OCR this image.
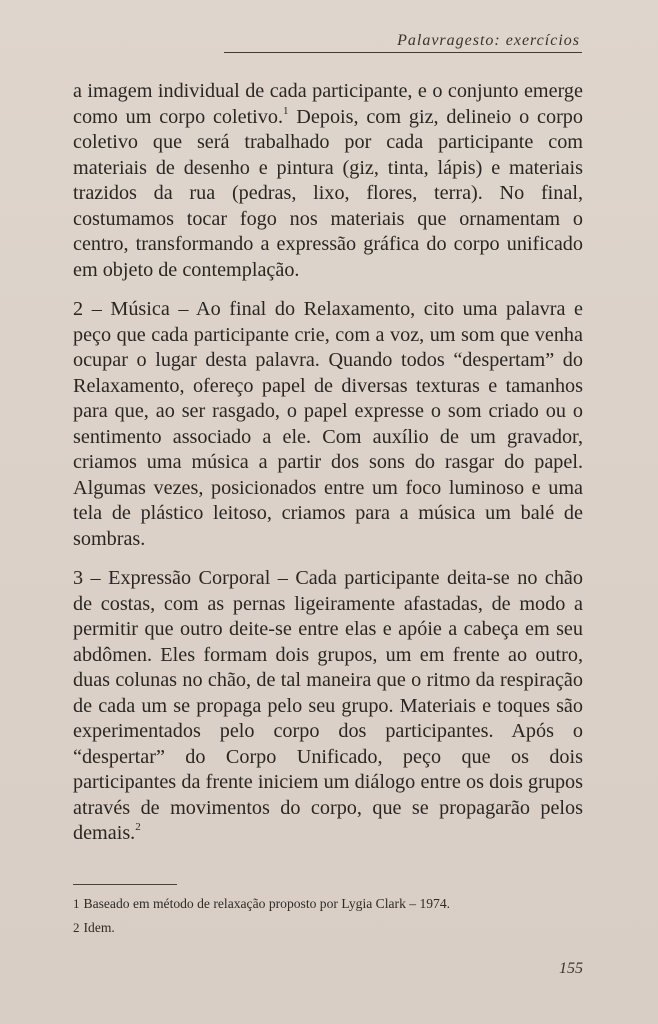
Palavragesto: exercícios

a imagem individual de cada participante, e o conjunto emerge como um corpo coletivo.$^1$ Depois, com giz, delineio o corpo coletivo que será trabalhado por cada participante com materiais de desenho e pintura (giz, tinta, lápis) e materiais trazidos da rua (pedras, lixo, flores, terra). No final, costumamos tocar fogo nos materiais que ornamentam o centro, transformando a expressão gráfica do corpo unificado em objeto de contemplação.

2 – Música – Ao final do Relaxamento, cito uma palavra e peço que cada participante crie, com a voz, um som que venha ocupar o lugar desta palavra. Quando todos “despertam” do Relaxamento, ofereço papel de diversas texturas e tamanhos para que, ao ser rasgado, o papel expresse o som criado ou o sentimento associado a ele. Com auxílio de um gravador, criamos uma música a partir dos sons do rasgar do papel. Algumas vezes, posicionados entre um foco luminoso e uma tela de plástico leitoso, criamos para a música um balé de sombras.

3 – Expressão Corporal – Cada participante deita-se no chão de costas, com as pernas ligeiramente afastadas, de modo a permitir que outro deite-se entre elas e apóie a cabeça em seu abdômen. Eles formam dois grupos, um em frente ao outro, duas colunas no chão, de tal maneira que o ritmo da respiração de cada um se propaga pelo seu grupo. Materiais e toques são experimentados pelo corpo dos participantes. Após o “despertar” do Corpo Unificado, peço que os dois participantes da frente iniciem um diálogo entre os dois grupos através de movimentos do corpo, que se propagarão pelos demais.$^2$

1 Baseado em método de relaxação proposto por Lygia Clark – 1974.

2 Idem.

155
